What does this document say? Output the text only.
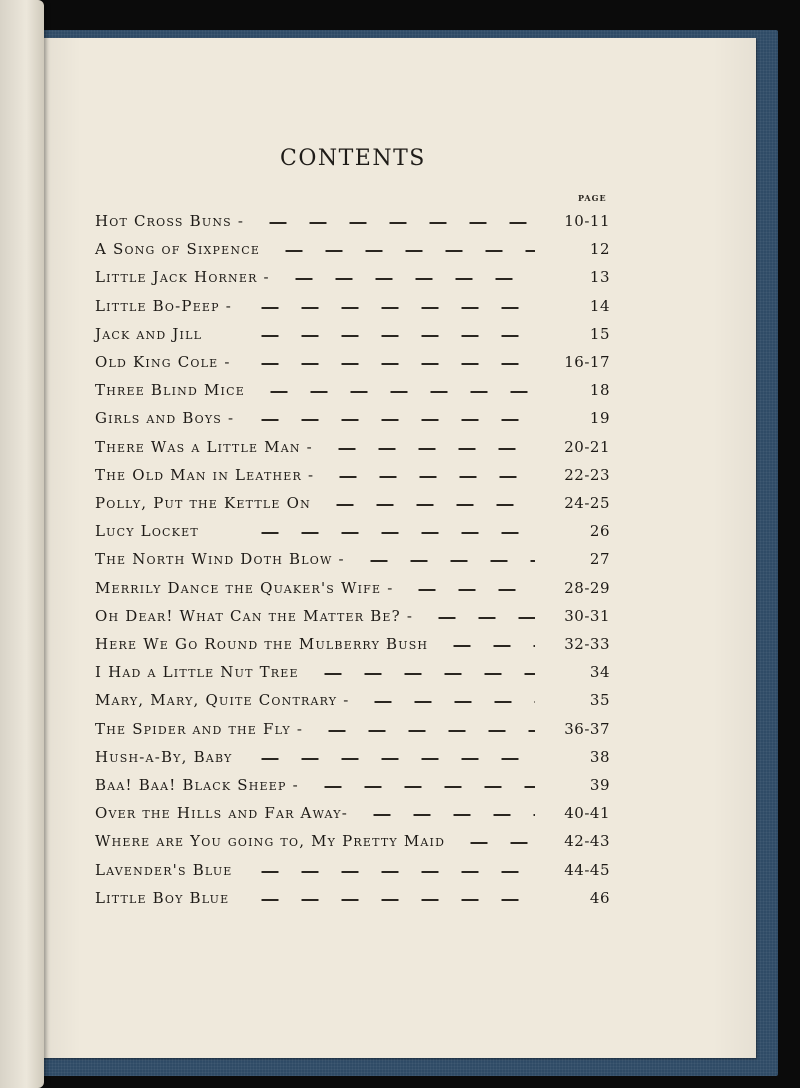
CONTENTS
PAGE
Hot Cross Buns -	10-11
A Song of Sixpence	12
Little Jack Horner -	13
Little Bo-Peep -	14
Jack and Jill	15
Old King Cole -	16-17
Three Blind Mice	18
Girls and Boys -	19
There Was a Little Man -	20-21
The Old Man in Leather -	22-23
Polly, Put the Kettle On	24-25
Lucy Locket	26
The North Wind Doth Blow -	27
Merrily Dance the Quaker's Wife -	28-29
Oh Dear! What Can the Matter Be? -	30-31
Here We Go Round the Mulberry Bush	32-33
I Had a Little Nut Tree	34
Mary, Mary, Quite Contrary -	35
The Spider and the Fly -	36-37
Hush-a-By, Baby	38
Baa! Baa! Black Sheep -	39
Over the Hills and Far Away-	40-41
Where are You going to, My Pretty Maid	42-43
Lavender's Blue	44-45
Little Boy Blue	46
